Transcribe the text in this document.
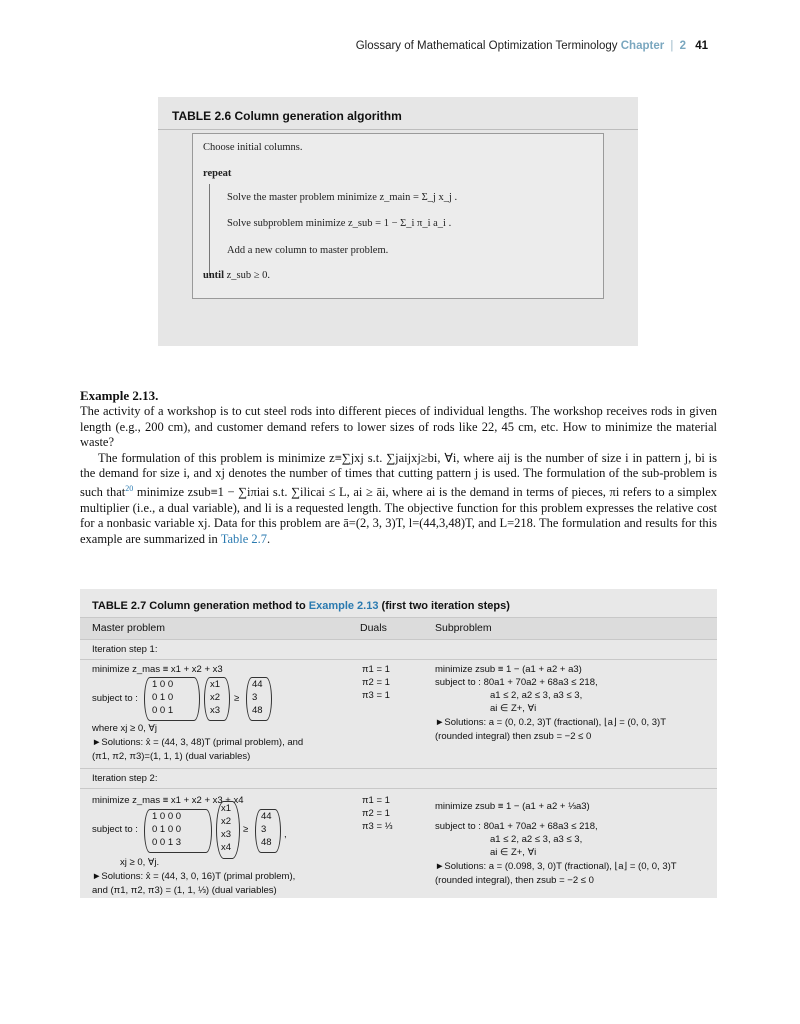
Glossary of Mathematical Optimization Terminology Chapter | 2 41
TABLE 2.6 Column generation algorithm
Choose initial columns.
repeat
Solve the master problem minimize z_main = Σ_j x_j .
Solve subproblem minimize z_sub = 1 − Σ_i π_i a_i .
Add a new column to master problem.
until z_sub ≥ 0.
Example 2.13.

The activity of a workshop is to cut steel rods into different pieces of individual lengths. The workshop receives rods in given length (e.g., 200 cm), and customer demand refers to lower sizes of rods like 22, 45 cm, etc. How to minimize the material waste?

The formulation of this problem is minimize z≡∑jxj s.t. ∑jaijxj≥bi, ∀i, where aij is the number of size i in pattern j, bi is the demand for size i, and xj denotes the number of times that cutting pattern j is used. The formulation of the sub-problem is such that$^{20}$ minimize zsub≡1 − ∑iπiai s.t. ∑ilicai ≤ L, ai ≥ āi, where ai is the demand in terms of pieces, πi refers to a simplex multiplier (i.e., a dual variable), and li is a requested length. The objective function for this problem expresses the relative cost for a nonbasic variable xj. Data for this problem are ā=(2, 3, 3)T, l=(44,3,48)T, and L=218. The formulation and results for this example are summarized in Table 2.7.

TABLE 2.7 Column generation method to Example 2.13 (first two iteration steps)
Master problem	Duals	Subproblem
Iteration step 1:
minimize z_mas ≡ x1 + x2 + x3
subject to :
1 0 0
0 1 0
0 0 1
x1
x2
x3
≥
44
3
48
where xj ≥ 0, ∀j
►Solutions: x̂ = (44, 3, 48)T (primal problem), and
(π1, π2, π3)=(1, 1, 1) (dual variables)
π1 = 1
π2 = 1
π3 = 1
minimize zsub ≡ 1 − (a1 + a2 + a3)
subject to : 80a1 + 70a2 + 68a3 ≤ 218,
a1 ≤ 2, a2 ≤ 3, a3 ≤ 3,
ai ∈ Z+, ∀i
►Solutions: a = (0, 0.2, 3)T (fractional), ⌊a⌋ = (0, 0, 3)T
(rounded integral) then zsub = −2 ≤ 0
Iteration step 2:
minimize z_mas ≡ x1 + x2 + x3 + x4
subject to :
1 0 0 0
0 1 0 0
0 0 1 3
x1
x2
x3
x4
≥
44
3
48
,
xj ≥ 0, ∀j.
►Solutions: x̂ = (44, 3, 0, 16)T (primal problem),
and (π1, π2, π3) = (1, 1, ⅓) (dual variables)
π1 = 1
π2 = 1
π3 = ⅓
minimize zsub ≡ 1 − (a1 + a2 + ⅓a3)
subject to : 80a1 + 70a2 + 68a3 ≤ 218,
a1 ≤ 2, a2 ≤ 3, a3 ≤ 3,
ai ∈ Z+, ∀i
►Solutions: a = (0.098, 3, 0)T (fractional), ⌊a⌋ = (0, 0, 3)T
(rounded integral), then zsub = −2 ≤ 0
